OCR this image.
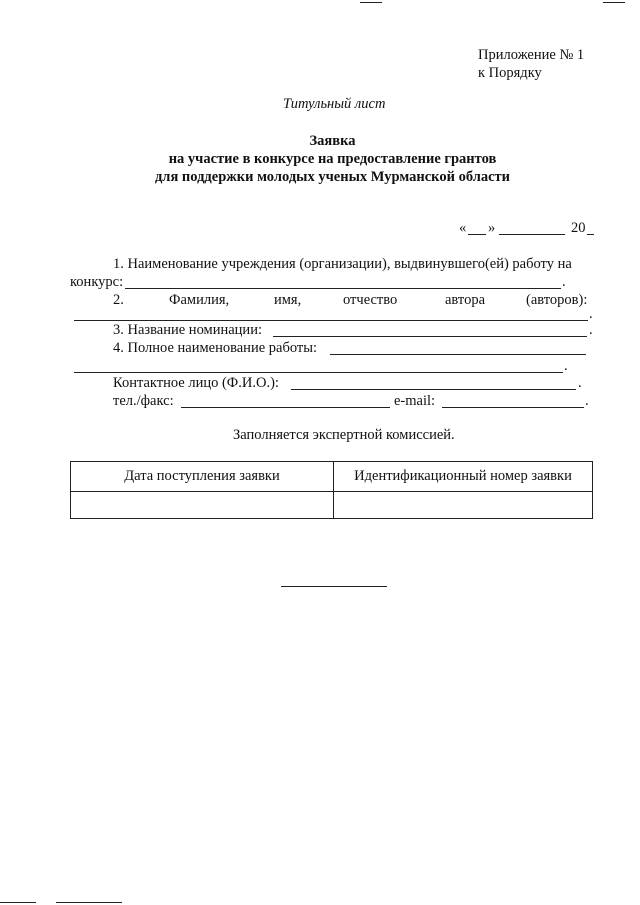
Приложение № 1
к Порядку
Титульный лист
Заявка
на участие в конкурсе на предоставление грантов
для поддержки молодых ученых Мурманской области
« »	20
1. Наименование учреждения (организации), выдвинувшего(ей) работу на
конкурс:	.
2.	Фамилия,	имя,	отчество	автора	(авторов):
.
3. Название номинации:	.
4. Полное наименование работы:
.
Контактное лицо (Ф.И.О.):	.
тел./факс:	e-mail:	.
Заполняется экспертной комиссией.
Дата поступления заявки	Идентификационный номер заявки
